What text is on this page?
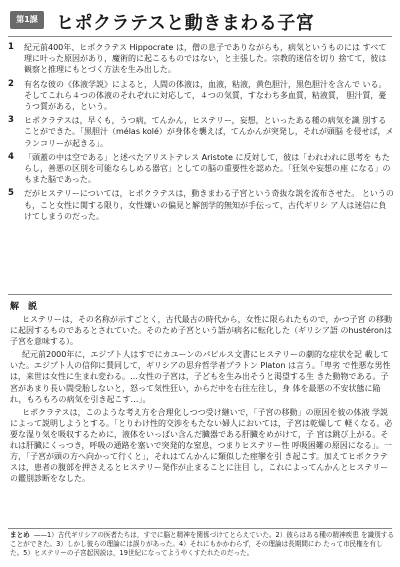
第1課	ヒポクラテスと動きまわる子宮
1 紀元前400年、ヒポクラテス Hippocrate は，僧の息子でありながらも，病気というものには すべて理に叶った原因があり，魔術的に起こるものではない，と主張した。宗教的迷信を切り 捨てて，彼は観察と推理にもとづく方法を生み出した。
2 有名な彼の《体液学説》によると，人間の体液は，血液，粘液，黄色胆汁，黒色胆汁を含んで いる。そしてこれら４つの体液のそれぞれに対応して，４つの気質，すなわち多血質，粘液質， 胆汁質，憂うつ質がある，という。
3 ヒポクラテスは，早くも，うつ病，てんかん，ヒステリー，妄想，といったある種の病気を識 別することができた。「黒胆汁（mélas kolé）が身体を襲えば，てんかんが突発し，それが頭脳 を侵せば，メランコリーが起きる」。
4 「頭蓋の中は空である」と述べたアリストテレス Aristote に反対して，彼は「われわれに思考を もたらし，善悪の区別を可能ならしめる器官」としての脳の重要性を認めた。「狂気や妄想の座 になる」のもまた脳であった。
5 だがヒステリーについては，ヒポクラテスは，動きまわる子宮という奇抜な説を流布させた。 というのも，こと女性に関する限り，女性嫌いの偏見と解剖学的無知が手伝って，古代ギリシ ア人は迷信に負けてしまうのだった。
解　説

ヒステリーは，その名称が示すごとく，古代最古の時代から，女性に限られたもので，かつ子宮 の移動に起因するものであるとされていた。そのため子宮という語が病名に転化した（ギリシア語 のhustéronは子宮を意味する）。

紀元前2000年に，エジプト人はすでにカユーンのパピルス文書にヒステリーの劇的な症状を記 載していた。エジプト人の信仰に賛同して，ギリシアの思弁哲学者プラトン Platon は言う。「卑劣 で性悪な男性は，来世は女性に生まれ変わる。…女性の子宮は，子どもを生み出そうと渇望する生 きた動物である。子宮があまり長い間受胎しないと，怒って気性狂い，からだ中を右往左往し，身 体を最悪の不安状態に陥れ，もろもろの病気を引き起こす…」。

ヒポクラテスは，このような考え方を合理化しつつ受け継いで，「子宮の移動」の原因を彼の体液 学説によって説明しようとする。「とりわけ性的交渉をもたない婦人においては，子宮は乾燥して 軽くなる。必要な湿り気を吸収するために，液体をいっぱい含んだ臓器である肝臓をめがけて，子 宮は跳び上がる。それは肝臓にくっつき，呼吸の通路を塞いで突発的な窒息，つまりヒステリー性 呼吸困難の原因になる」。一方，「子宮が頭の方へ向かって行くと」，それはてんかんに類似した痙攣を引 き起こす。加えてヒポクラテスは，患者の腹部を押さえるとヒステリー発作が止まることに注目 し，これによってんかんとヒステリーの鑑別診断をなした。

まとめ ——1）古代ギリシアの医者たちは，すでに脳と精神を関係づけてとらえていた。2）彼らはある種の精神疾患 を識別することができた。3）しかし彼らの理論には誤りがあった。4）それにもかかわらず，その理論は長期間にわ たって市民権を有した。5）ヒステリーの子宮起因説は，19世紀になってようやくすたれたのだった。
